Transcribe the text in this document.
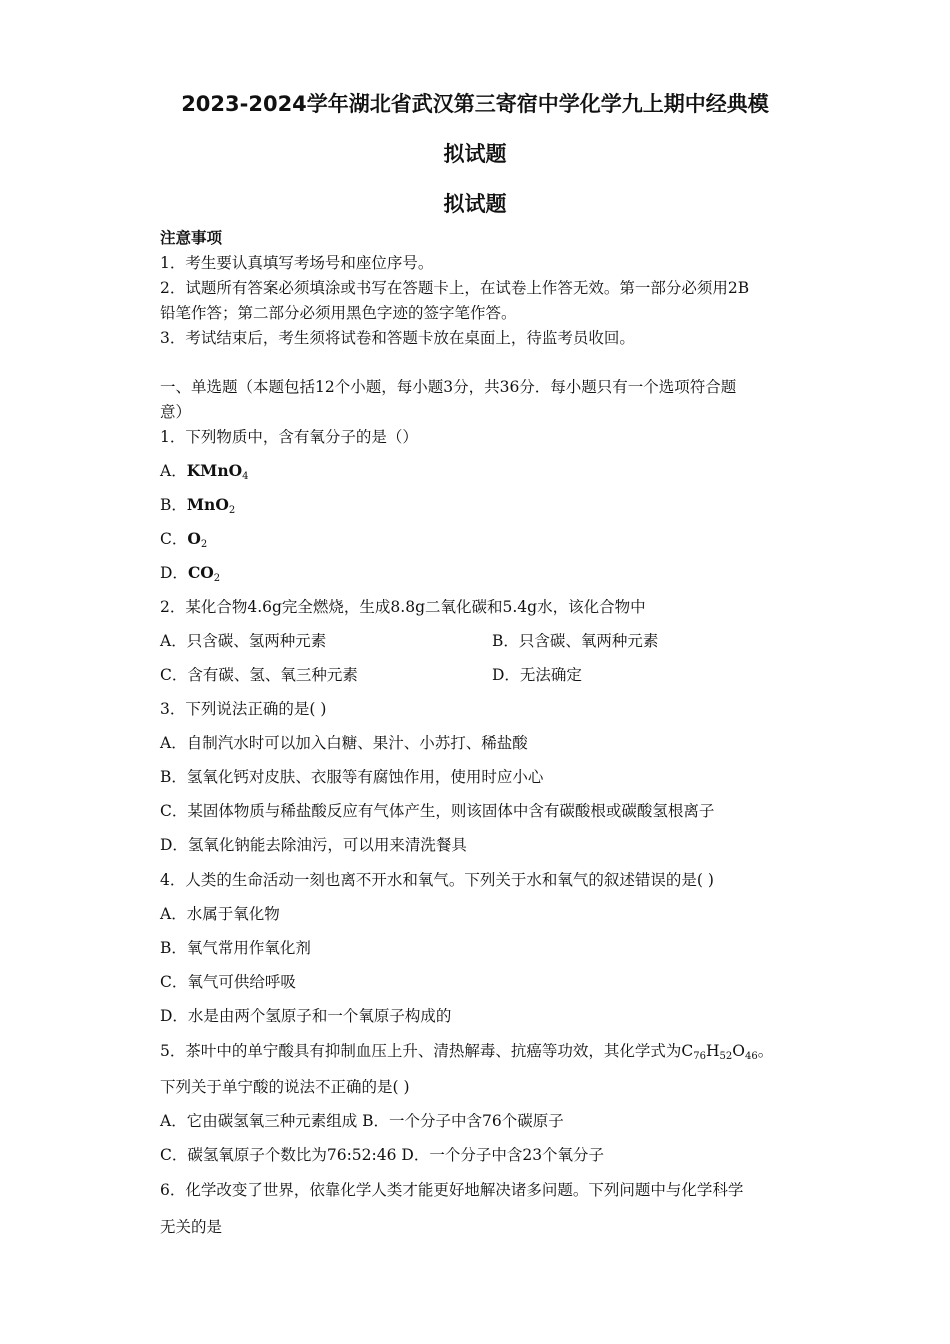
2023-2024学年湖北省武汉第三寄宿中学化学九上期中经典模
拟试题
拟试题
注意事项
1．考生要认真填写考场号和座位序号。
2．试题所有答案必须填涂或书写在答题卡上，在试卷上作答无效。第一部分必须用2B
铅笔作答；第二部分必须用黑色字迹的签字笔作答。
3．考试结束后，考生须将试卷和答题卡放在桌面上，待监考员收回。
一、单选题（本题包括12个小题，每小题3分，共36分．每小题只有一个选项符合题
意）
1．下列物质中，含有氧分子的是（）
A．KMnO$_4$
B．MnO$_2$
C．$O_2$
D．$CO_2$
2．某化合物4.6g完全燃烧，生成8.8g二氧化碳和5.4g水，该化合物中
A．只含碳、氢两种元素	B．只含碳、氧两种元素
C．含有碳、氢、氧三种元素	D．无法确定
3．下列说法正确的是( )
A．自制汽水时可以加入白糖、果汁、小苏打、稀盐酸
B．氢氧化钙对皮肤、衣服等有腐蚀作用，使用时应小心
C．某固体物质与稀盐酸反应有气体产生，则该固体中含有碳酸根或碳酸氢根离子
D．氢氧化钠能去除油污，可以用来清洗餐具
4．人类的生命活动一刻也离不开水和氧气。下列关于水和氧气的叙述错误的是( )
A．水属于氧化物
B．氧气常用作氧化剂
C．氧气可供给呼吸
D．水是由两个氢原子和一个氧原子构成的
5．茶叶中的单宁酸具有抑制血压上升、清热解毒、抗癌等功效，其化学式为$C_{76}H_{52}O_{46}$。
下列关于单宁酸的说法不正确的是( )
A．它由碳氢氧三种元素组成 B．一个分子中含76个碳原子
C．碳氢氧原子个数比为76:52:46 D．一个分子中含23个氧分子
6．化学改变了世界，依靠化学人类才能更好地解决诸多问题。下列问题中与化学科学
无关的是
